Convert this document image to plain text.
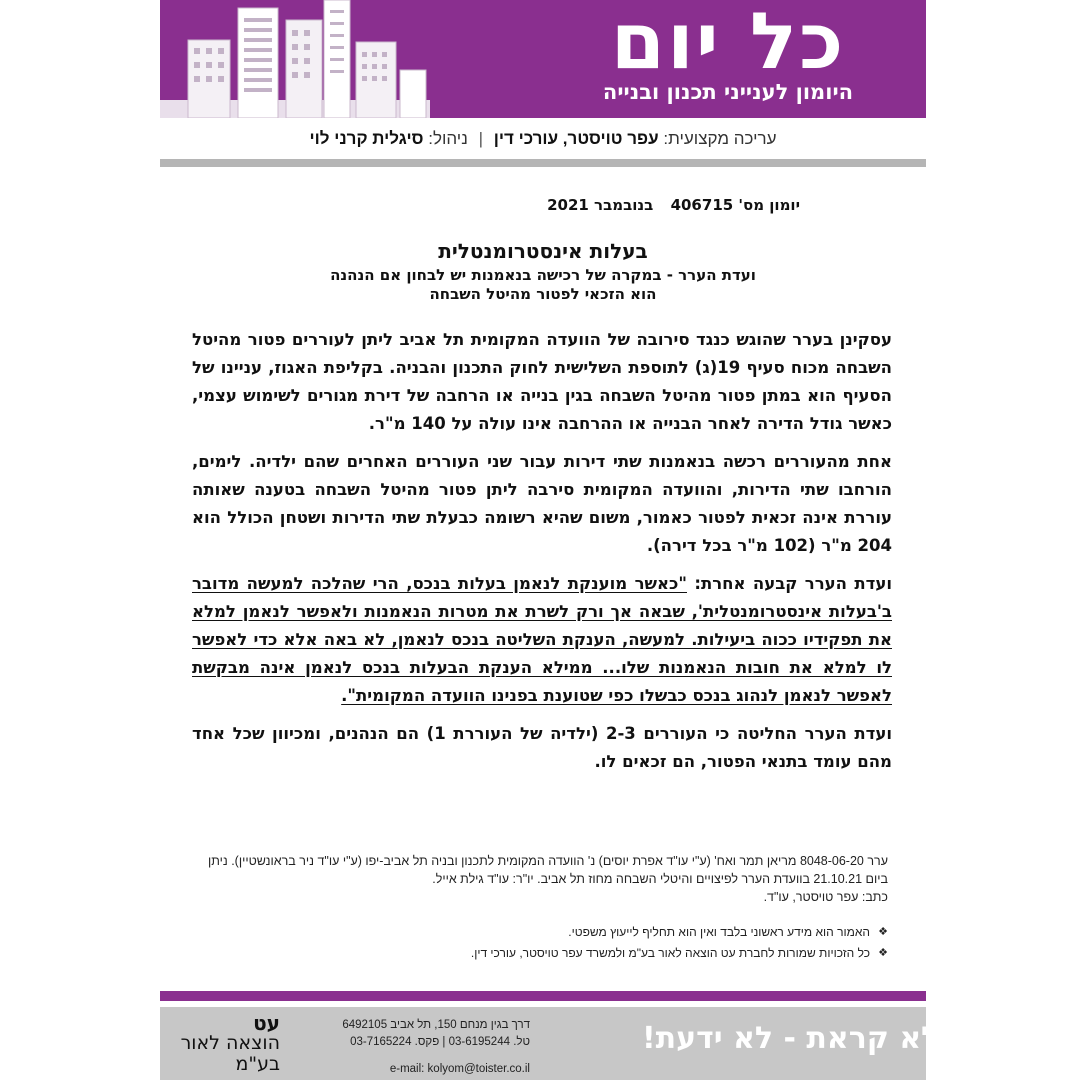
כל יום
היומון לענייני תכנון ובנייה
עריכה מקצועית: עפר טויסטר, עורכי דין | ניהול: סיגלית קרני לוי
יומון מס' 406715 בנובמבר 2021
בעלות אינסטרומנטלית
ועדת הערר - במקרה של רכישה בנאמנות יש לבחון אם הנהנה
הוא הזכאי לפטור מהיטל השבחה

עסקינן בערר שהוגש כנגד סירובה של הוועדה המקומית תל אביב ליתן לעוררים פטור מהיטל השבחה מכוח סעיף 19(ג) לתוספת השלישית לחוק התכנון והבניה. בקליפת האגוז, עניינו של הסעיף הוא במתן פטור מהיטל השבחה בגין בנייה או הרחבה של דירת מגורים לשימוש עצמי, כאשר גודל הדירה לאחר הבנייה או ההרחבה אינו עולה על 140 מ"ר.

אחת מהעוררים רכשה בנאמנות שתי דירות עבור שני העוררים האחרים שהם ילדיה. לימים, הורחבו שתי הדירות, והוועדה המקומית סירבה ליתן פטור מהיטל השבחה בטענה שאותה עוררת אינה זכאית לפטור כאמור, משום שהיא רשומה כבעלת שתי הדירות ושטחן הכולל הוא 204 מ"ר (102 מ"ר בכל דירה).

ועדת הערר קבעה אחרת: "כאשר מוענקת לנאמן בעלות בנכס, הרי שהלכה למעשה מדובר ב'בעלות אינסטרומנטלית', שבאה אך ורק לשרת את מטרות הנאמנות ולאפשר לנאמן למלא את תפקידיו ככוה ביעילות. למעשה, הענקת השליטה בנכס לנאמן, לא באה אלא כדי לאפשר לו למלא את חובות הנאמנות שלו... ממילא הענקת הבעלות בנכס לנאמן אינה מבקשת לאפשר לנאמן לנהוג בנכס כבשלו כפי שטוענת בפנינו הוועדה המקומית".

ועדת הערר החליטה כי העוררים 2-3 (ילדיה של העוררת 1) הם הנהנים, ומכיוון שכל אחד מהם עומד בתנאי הפטור, הם זכאים לו.

ערר 8048-06-20 מריאן תמר ואח' (ע"י עו"ד אפרת יוסים) נ' הוועדה המקומית לתכנון ובניה תל אביב-יפו (ע"י עו"ד ניר בראונשטיין). ניתן ביום 21.10.21 בוועדת הערר לפיצויים והיטלי השבחה מחוז תל אביב. יו"ר: עו"ד גילת אייל.
כתב: עפר טויסטר, עו"ד.
❖
האמור הוא מידע ראשוני בלבד ואין הוא תחליף לייעוץ משפטי.
❖
כל הזכויות שמורות לחברת עט הוצאה לאור בע"מ ולמשרד עפר טויסטר, עורכי דין.
לא קראת - לא ידעת!
דרך בגין מנחם 150, תל אביב 6492105
טל. 03-6195244 | פקס. 03-7165224
e-mail: kolyom@toister.co.il
עט
הוצאה לאור
בע"מ
